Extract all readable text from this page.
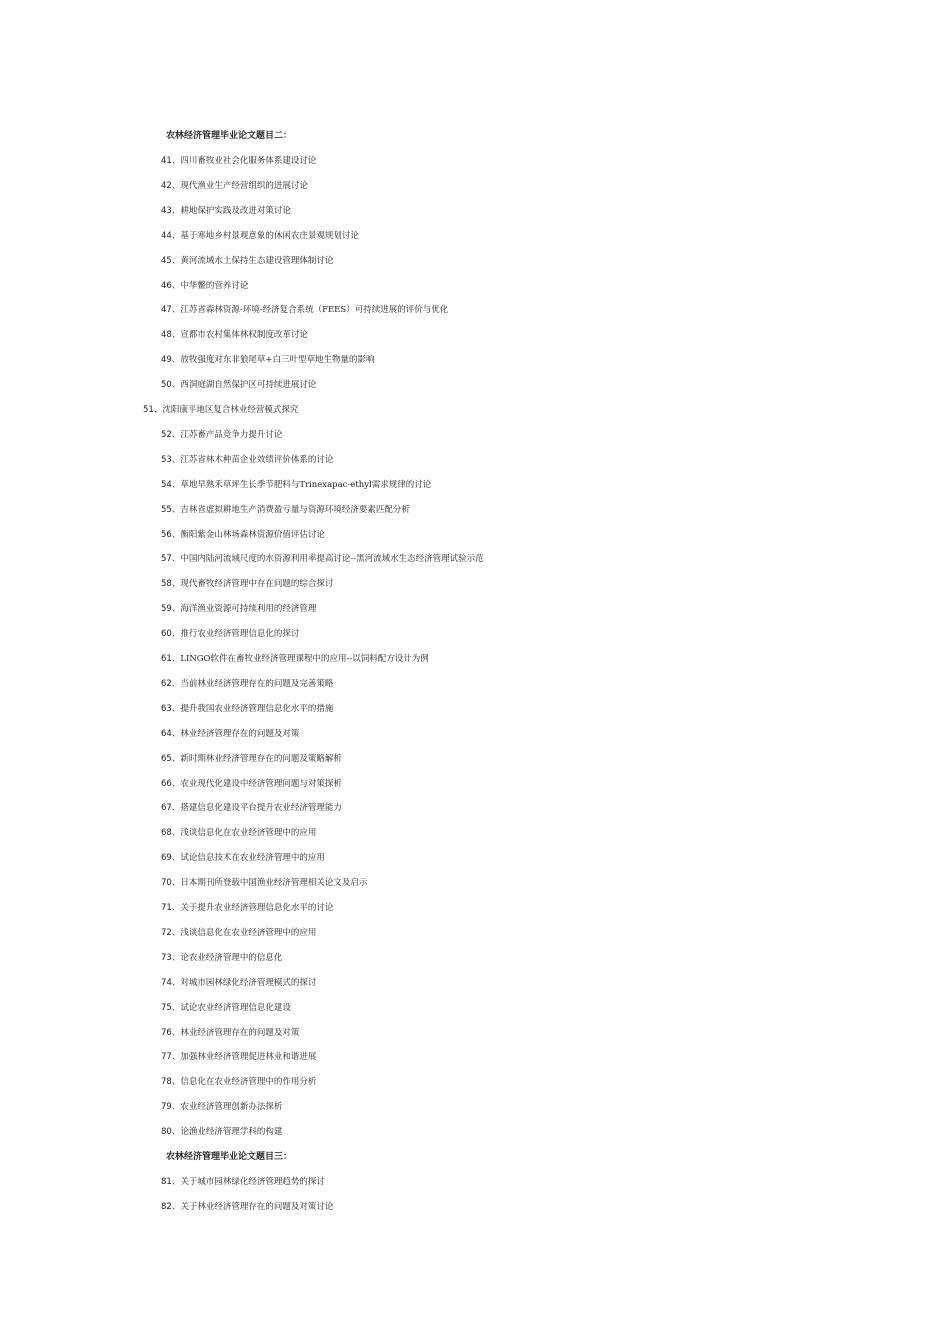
农林经济管理毕业论文题目二：
41、四川畜牧业社会化服务体系建设讨论
42、现代渔业生产经营组织的进展讨论
43、耕地保护实践及改进对策讨论
44、基于寒地乡村景观意象的休闲农庄景观规划讨论
45、黄河流域水土保持生态建设管理体制讨论
46、中华鳖的营养讨论
47、江苏省森林资源-环境-经济复合系统（FEES）可持续进展的评价与优化
48、宣都市农村集体林权制度改革讨论
49、放牧强度对东非狼尾草+白三叶型草地生物量的影响
50、西洞庭湖自然保护区可持续进展讨论
51、沈阳康平地区复合林业经营模式探究
52、江苏畜产品竞争力提升讨论
53、江苏省林木种苗企业效绩评价体系的讨论
54、草地早熟禾草坪生长季节肥料与Trinexapac-ethyl需求规律的讨论
55、吉林省虚拟耕地生产消费盈亏量与资源环境经济要素匹配分析
56、衡阳紫金山林场森林资源价值评估讨论
57、中国内陆河流域尺度的水资源利用率提高讨论--黑河流域水生态经济管理试验示范
58、现代畜牧经济管理中存在问题的综合探讨
59、海洋渔业资源可持续利用的经济管理
60、推行农业经济管理信息化的探讨
61、LINGO软件在畜牧业经济管理课程中的应用--以饲料配方设计为例
62、当前林业经济管理存在的问题及完善策略
63、提升我国农业经济管理信息化水平的措施
64、林业经济管理存在的问题及对策
65、新时期林业经济管理存在的问题及策略解析
66、农业现代化建设中经济管理问题与对策探析
67、搭建信息化建设平台提升农业经济管理能力
68、浅谈信息化在农业经济管理中的应用
69、试论信息技术在农业经济管理中的应用
70、日本期刊所登载中国渔业经济管理相关论文及启示
71、关于提升农业经济管理信息化水平的讨论
72、浅谈信息化在农业经济管理中的应用
73、论农业经济管理中的信息化
74、对城市园林绿化经济管理模式的探讨
75、试论农业经济管理信息化建设
76、林业经济管理存在的问题及对策
77、加强林业经济管理促进林业和谐进展
78、信息化在农业经济管理中的作用分析
79、农业经济管理创新办法探析
80、论渔业经济管理学科的构建
农林经济管理毕业论文题目三：
81、关于城市园林绿化经济管理趋势的探讨
82、关于林业经济管理存在的问题及对策讨论
